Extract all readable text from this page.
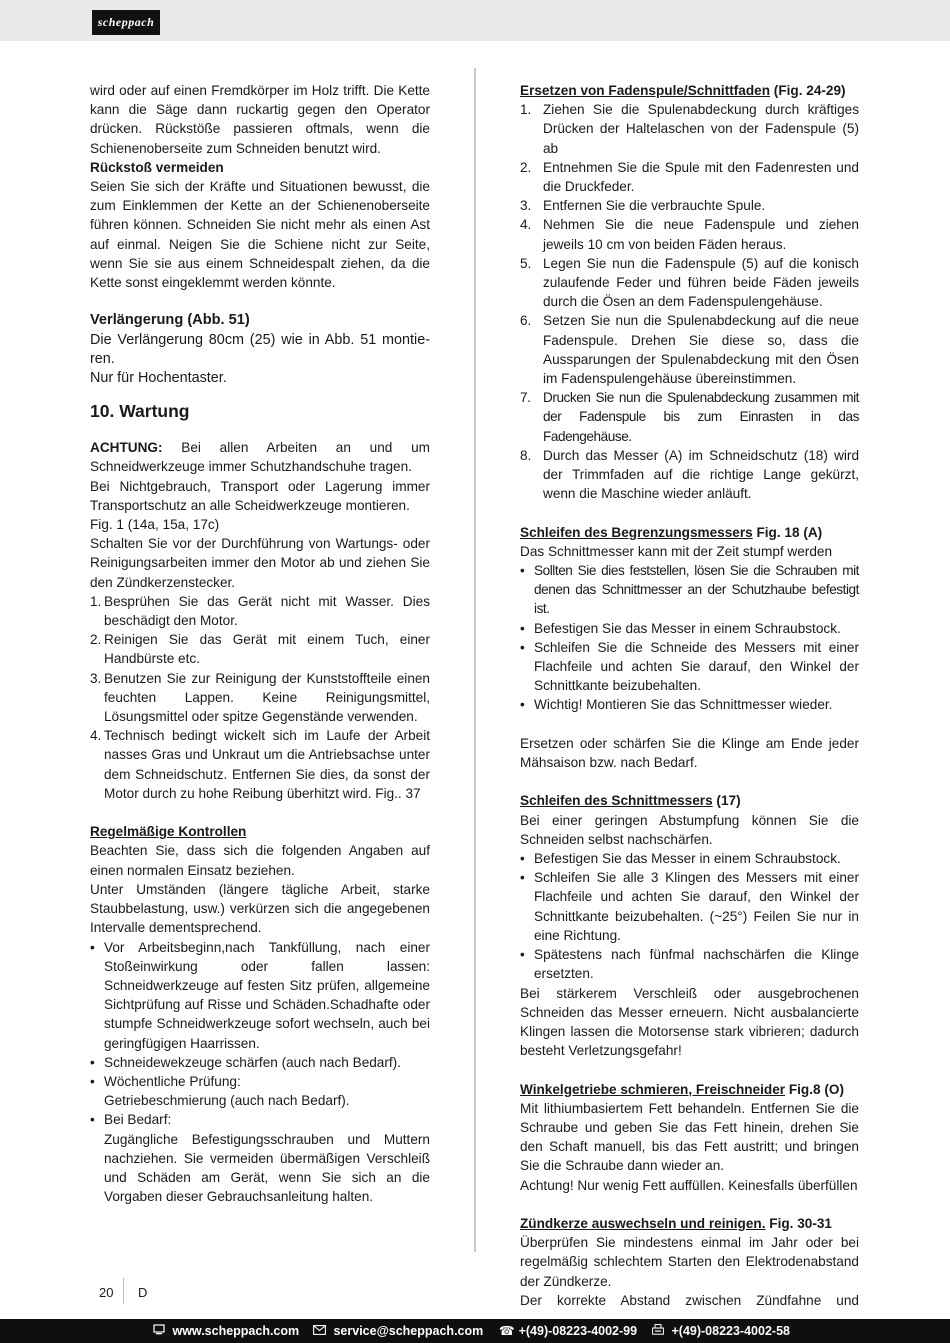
scheppach

wird oder auf einen Fremdkörper im Holz trifft. Die Kette kann die Säge dann ruckartig gegen den Operator drücken. Rückstöße passieren oftmals, wenn die Schienenoberseite zum Schneiden benutzt wird.

Rückstoß vermeiden

Seien Sie sich der Kräfte und Situationen bewusst, die zum Einklemmen der Kette an der Schienenoberseite führen können. Schneiden Sie nicht mehr als einen Ast auf einmal. Neigen Sie die Schiene nicht zur Seite, wenn Sie sie aus einem Schneidespalt ziehen, da die Kette sonst eingeklemmt werden könnte.

Verlängerung (Abb. 51)

Die Verlängerung 80cm (25) wie in Abb. 51 montie-ren.

Nur für Hochentaster.

10. Wartung

ACHTUNG: Bei allen Arbeiten an und um Schneidwerkzeuge immer Schutzhandschuhe tragen.

Bei Nichtgebrauch, Transport oder Lagerung immer Transportschutz an alle Scheidwerkzeuge montieren.

Fig. 1 (14a, 15a, 17c)

Schalten Sie vor der Durchführung von Wartungs- oder Reinigungsarbeiten immer den Motor ab und ziehen Sie den Zündkerzenstecker.

1. Besprühen Sie das Gerät nicht mit Wasser. Dies beschädigt den Motor.
2. Reinigen Sie das Gerät mit einem Tuch, einer Handbürste etc.
3. Benutzen Sie zur Reinigung der Kunststoffteile einen feuchten Lappen. Keine Reinigungsmittel, Lösungsmittel oder spitze Gegenstände verwenden.
4. Technisch bedingt wickelt sich im Laufe der Arbeit nasses Gras und Unkraut um die Antriebsachse unter dem Schneidschutz. Entfernen Sie dies, da sonst der Motor durch zu hohe Reibung überhitzt wird. Fig.. 37

Regelmäßige Kontrollen

Beachten Sie, dass sich die folgenden Angaben auf einen normalen Einsatz beziehen.

Unter Umständen (längere tägliche Arbeit, starke Staubbelastung, usw.) verkürzen sich die angegebenen Intervalle dementsprechend.

• Vor Arbeitsbeginn,nach Tankfüllung, nach einer Stoßeinwirkung oder fallen lassen: Schneidwerkzeuge auf festen Sitz prüfen, allgemeine Sichtprüfung auf Risse und Schäden.Schadhafte oder stumpfe Schneidwerkzeuge sofort wechseln, auch bei geringfügigen Haarrissen.
• Schneidewekzeuge schärfen (auch nach Bedarf).
• Wöchentliche Prüfung:
Getriebeschmierung (auch nach Bedarf).
• Bei Bedarf:
Zugängliche Befestigungsschrauben und Muttern nachziehen. Sie vermeiden übermäßigen Verschleiß und Schäden am Gerät, wenn Sie sich an die Vorgaben dieser Gebrauchsanleitung halten.

Ersetzen von Fadenspule/Schnittfaden (Fig. 24-29)

1. Ziehen Sie die Spulenabdeckung durch kräftiges Drücken der Haltelaschen von der Fadenspule (5) ab
2. Entnehmen Sie die Spule mit den Fadenresten und die Druckfeder.
3. Entfernen Sie die verbrauchte Spule.
4. Nehmen Sie die neue Fadenspule und ziehen jeweils 10 cm von beiden Fäden heraus.
5. Legen Sie nun die Fadenspule (5) auf die konisch zulaufende Feder und führen beide Fäden jeweils durch die Ösen an dem Fadenspulengehäuse.
6. Setzen Sie nun die Spulenabdeckung auf die neue Fadenspule. Drehen Sie diese so, dass die Aussparungen der Spulenabdeckung mit den Ösen im Fadenspulengehäuse übereinstimmen.
7. Drucken Sie nun die Spulenabdeckung zusammen mit der Fadenspule bis zum Einrasten in das Fadengehäuse.
8. Durch das Messer (A) im Schneidschutz (18) wird der Trimmfaden auf die richtige Lange gekürzt, wenn die Maschine wieder anläuft.

Schleifen des Begrenzungsmessers Fig. 18 (A)

Das Schnittmesser kann mit der Zeit stumpf werden

• Sollten Sie dies feststellen, lösen Sie die Schrauben mit denen das Schnittmesser an der Schutzhaube befestigt ist.
• Befestigen Sie das Messer in einem Schraubstock.
• Schleifen Sie die Schneide des Messers mit einer Flachfeile und achten Sie darauf, den Winkel der Schnittkante beizubehalten.
• Wichtig! Montieren Sie das Schnittmesser wieder.

Ersetzen oder schärfen Sie die Klinge am Ende jeder Mähsaison bzw. nach Bedarf.

Schleifen des Schnittmessers (17)

Bei einer geringen Abstumpfung können Sie die Schneiden selbst nachschärfen.

• Befestigen Sie das Messer in einem Schraubstock.
• Schleifen Sie alle 3 Klingen des Messers mit einer Flachfeile und achten Sie darauf, den Winkel der Schnittkante beizubehalten. (~25°) Feilen Sie nur in eine Richtung.
• Spätestens nach fünfmal nachschärfen die Klinge ersetzten.

Bei stärkerem Verschleiß oder ausgebrochenen Schneiden das Messer erneuern. Nicht ausbalancierte Klingen lassen die Motorsense stark vibrieren; dadurch besteht Verletzungsgefahr!

Winkelgetriebe schmieren, Freischneider Fig.8 (O)

Mit lithiumbasiertem Fett behandeln. Entfernen Sie die Schraube und geben Sie das Fett hinein, drehen Sie den Schaft manuell, bis das Fett austritt; und bringen Sie die Schraube dann wieder an.

Achtung! Nur wenig Fett auffüllen. Keinesfalls überfüllen

Zündkerze auswechseln und reinigen. Fig. 30-31

Überprüfen Sie mindestens einmal im Jahr oder bei regelmäßig schlechtem Starten den Elektrodenabstand der Zündkerze.

Der korrekte Abstand zwischen Zündfahne und

20 D
www.scheppach.com	service@scheppach.com ☎ +(49)-08223-4002-99	+(49)-08223-4002-58
